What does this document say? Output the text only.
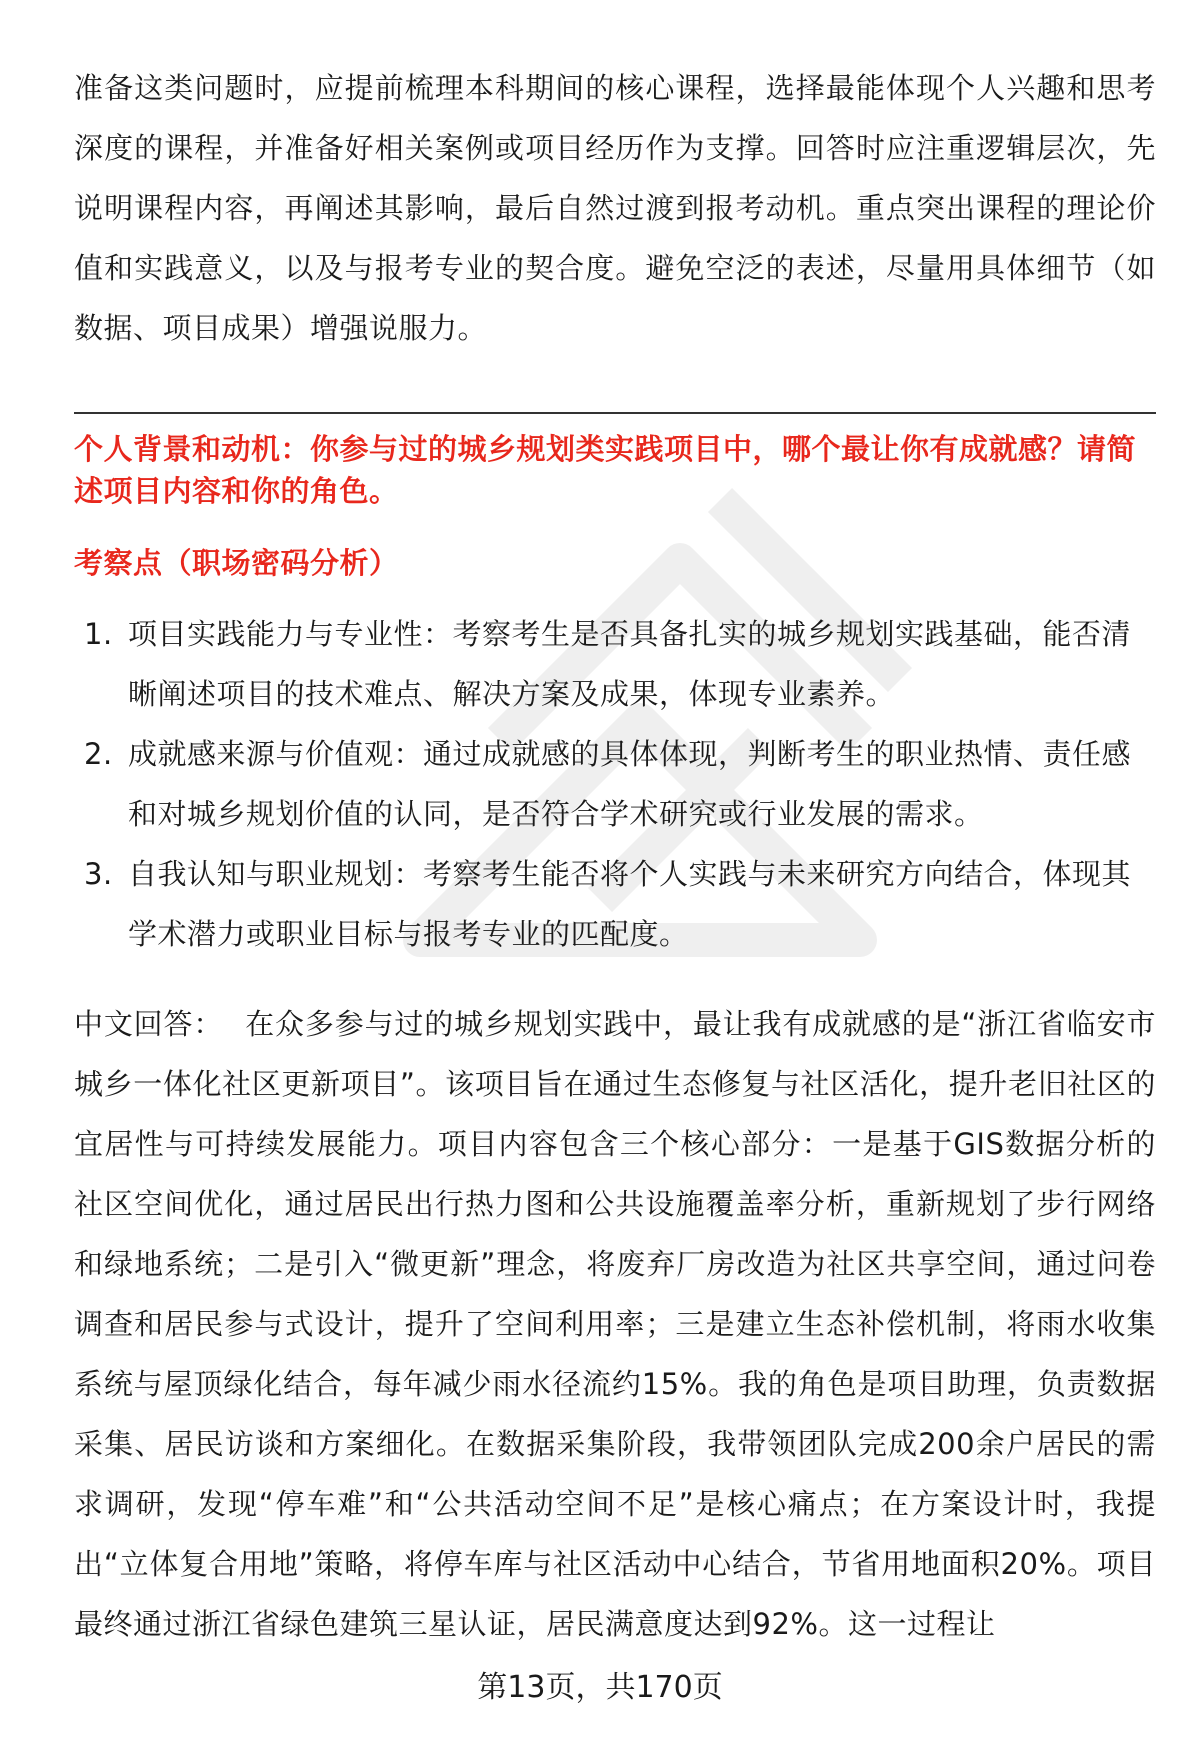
准备这类问题时，应提前梳理本科期间的核心课程，选择最能体现个人兴趣和思考深度的课程，并准备好相关案例或项目经历作为支撑。回答时应注重逻辑层次，先说明课程内容，再阐述其影响，最后自然过渡到报考动机。重点突出课程的理论价值和实践意义，以及与报考专业的契合度。避免空泛的表述，尽量用具体细节（如数据、项目成果）增强说服力。

个人背景和动机：你参与过的城乡规划类实践项目中，哪个最让你有成就感？请简述项目内容和你的角色。

考察点（职场密码分析）

1. 项目实践能力与专业性：考察考生是否具备扎实的城乡规划实践基础，能否清晰阐述项目的技术难点、解决方案及成果，体现专业素养。
2. 成就感来源与价值观：通过成就感的具体体现，判断考生的职业热情、责任感和对城乡规划价值的认同，是否符合学术研究或行业发展的需求。
3. 自我认知与职业规划：考察考生能否将个人实践与未来研究方向结合，体现其学术潜力或职业目标与报考专业的匹配度。

中文回答： 在众多参与过的城乡规划实践中，最让我有成就感的是“浙江省临安市城乡一体化社区更新项目”。该项目旨在通过生态修复与社区活化，提升老旧社区的宜居性与可持续发展能力。项目内容包含三个核心部分：一是基于GIS数据分析的社区空间优化，通过居民出行热力图和公共设施覆盖率分析，重新规划了步行网络和绿地系统；二是引入“微更新”理念，将废弃厂房改造为社区共享空间，通过问卷调查和居民参与式设计，提升了空间利用率；三是建立生态补偿机制，将雨水收集系统与屋顶绿化结合，每年减少雨水径流约15%。我的角色是项目助理，负责数据采集、居民访谈和方案细化。在数据采集阶段，我带领团队完成200余户居民的需求调研，发现“停车难”和“公共活动空间不足”是核心痛点；在方案设计时，我提出“立体复合用地”策略，将停车库与社区活动中心结合，节省用地面积20%。项目最终通过浙江省绿色建筑三星认证，居民满意度达到92%。这一过程让

第13页，共170页
